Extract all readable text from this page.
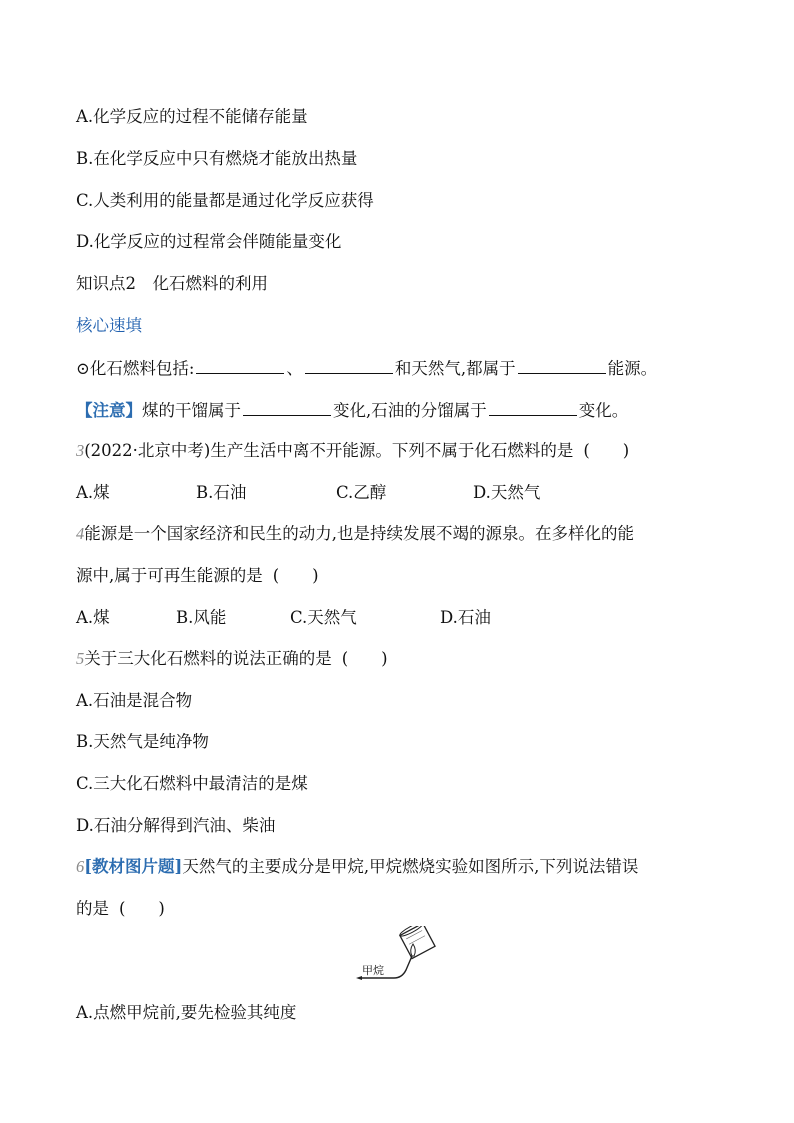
A.化学反应的过程不能储存能量
B.在化学反应中只有燃烧才能放出热量
C.人类利用的能量都是通过化学反应获得
D.化学反应的过程常会伴随能量变化
知识点2　化石燃料的利用
核心速填
⊙化石燃料包括:	、	和天然气,都属于	能源。
【注意】煤的干馏属于	变化,石油的分馏属于	变化。
3(2022·北京中考)生产生活中离不开能源。下列不属于化石燃料的是 (　　)
A.煤	B.石油	C.乙醇	D.天然气
4能源是一个国家经济和民生的动力,也是持续发展不竭的源泉。在多样化的能
源中,属于可再生能源的是 (　　)
A.煤	B.风能	C.天然气	D.石油
5关于三大化石燃料的说法正确的是 (　　)
A.石油是混合物
B.天然气是纯净物
C.三大化石燃料中最清洁的是煤
D.石油分解得到汽油、柴油
6[教材图片题]天然气的主要成分是甲烷,甲烷燃烧实验如图所示,下列说法错误
的是 (　　)
甲烷
A.点燃甲烷前,要先检验其纯度
